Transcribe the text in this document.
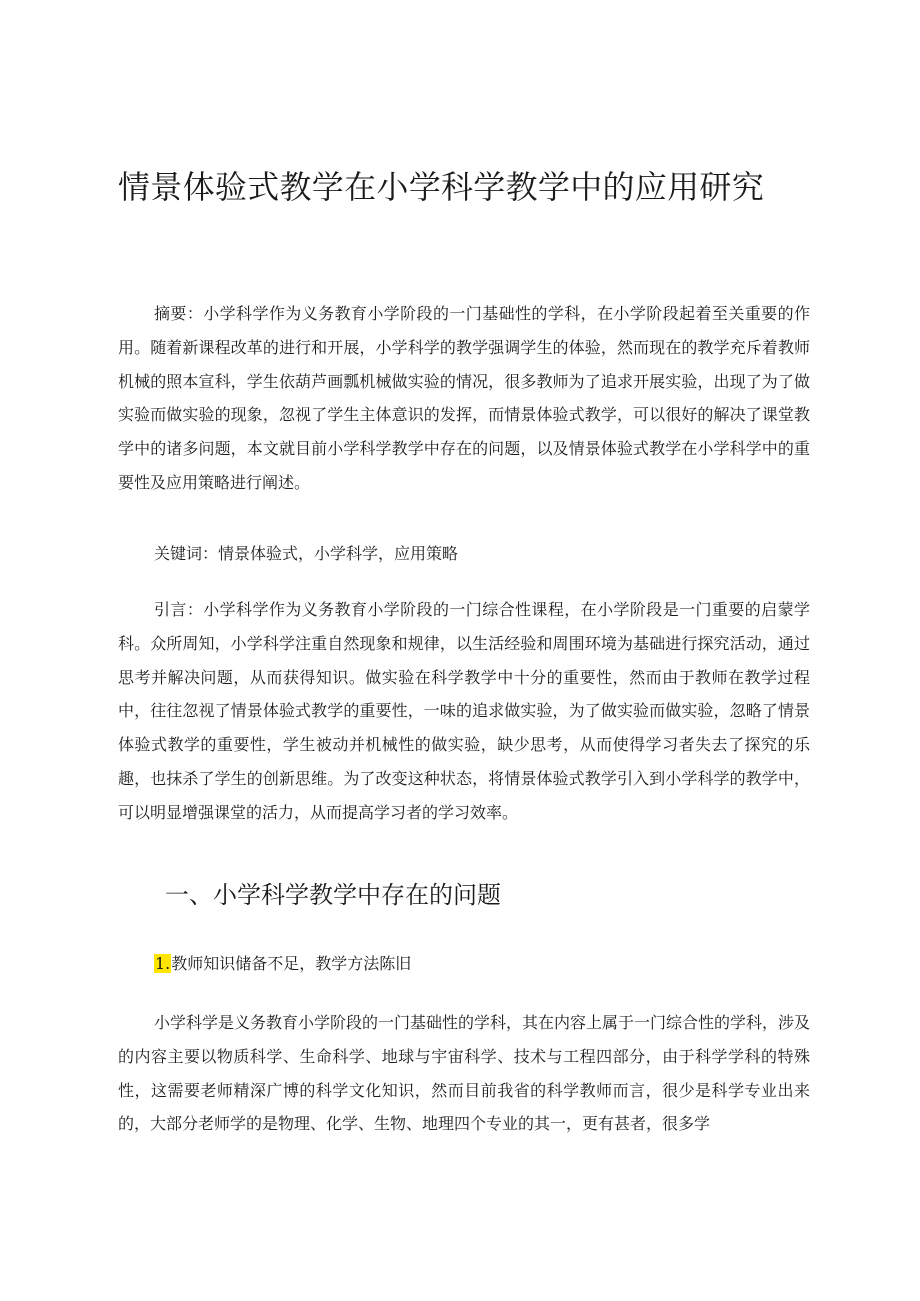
情景体验式教学在小学科学教学中的应用研究

摘要：小学科学作为义务教育小学阶段的一门基础性的学科，在小学阶段起着至关重要的作用。随着新课程改革的进行和开展，小学科学的教学强调学生的体验，然而现在的教学充斥着教师机械的照本宣科，学生依葫芦画瓢机械做实验的情况，很多教师为了追求开展实验，出现了为了做实验而做实验的现象，忽视了学生主体意识的发挥，而情景体验式教学，可以很好的解决了课堂教学中的诸多问题，本文就目前小学科学教学中存在的问题，以及情景体验式教学在小学科学中的重要性及应用策略进行阐述。

关键词：情景体验式，小学科学，应用策略

引言：小学科学作为义务教育小学阶段的一门综合性课程，在小学阶段是一门重要的启蒙学科。众所周知，小学科学注重自然现象和规律，以生活经验和周围环境为基础进行探究活动，通过思考并解决问题，从而获得知识。做实验在科学教学中十分的重要性，然而由于教师在教学过程中，往往忽视了情景体验式教学的重要性，一味的追求做实验，为了做实验而做实验，忽略了情景体验式教学的重要性，学生被动并机械性的做实验，缺少思考，从而使得学习者失去了探究的乐趣，也抹杀了学生的创新思维。为了改变这种状态，将情景体验式教学引入到小学科学的教学中，可以明显增强课堂的活力，从而提高学习者的学习效率。

一、小学科学教学中存在的问题
1.教师知识储备不足，教学方法陈旧

小学科学是义务教育小学阶段的一门基础性的学科，其在内容上属于一门综合性的学科，涉及的内容主要以物质科学、生命科学、地球与宇宙科学、技术与工程四部分，由于科学学科的特殊性，这需要老师精深广博的科学文化知识，然而目前我省的科学教师而言，很少是科学专业出来的，大部分老师学的是物理、化学、生物、地理四个专业的其一，更有甚者，很多学
